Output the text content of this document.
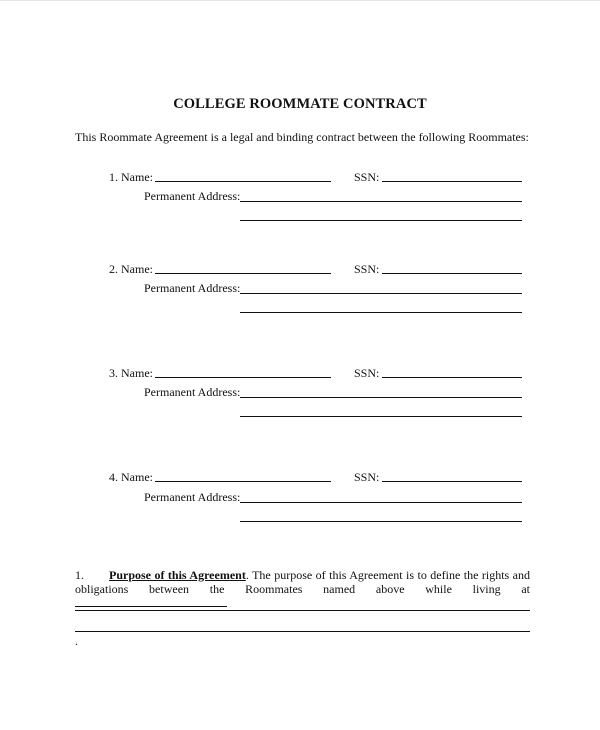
COLLEGE ROOMMATE CONTRACT
This Roommate Agreement is a legal and binding contract between the following Roommates:
1. Name:	SSN:
Permanent Address:
2. Name:	SSN:
Permanent Address:
3. Name:	SSN:
Permanent Address:
4. Name:	SSN:
Permanent Address:
1. Purpose of this Agreement. The purpose of this Agreement is to define the rights and obligations between the Roommates named above while living at
.
